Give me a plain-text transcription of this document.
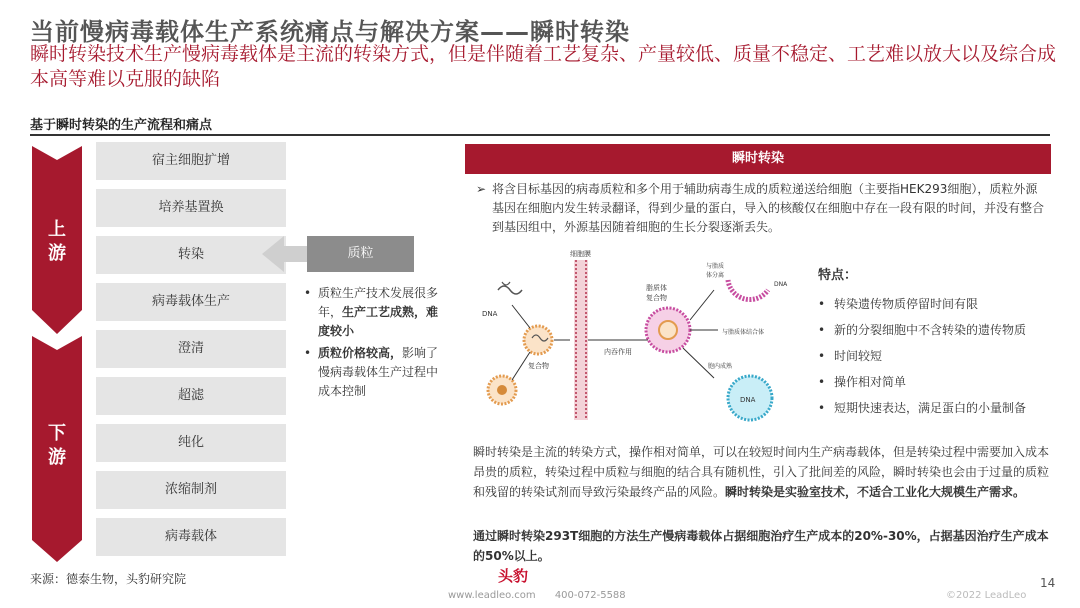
当前慢病毒载体生产系统痛点与解决方案——瞬时转染
瞬时转染技术生产慢病毒载体是主流的转染方式，但是伴随着工艺复杂、产量较低、质量不稳定、工艺难以放大以及综合成本高等难以克服的缺陷
基于瞬时转染的生产流程和痛点
上
游
下
游
宿主细胞扩增
培养基置换
转染
病毒载体生产
澄清
超滤
纯化
浓缩制剂
病毒载体
质粒
• 质粒生产技术发展很多年，生产工艺成熟，难度较小
• 质粒价格较高，影响了慢病毒载体生产过程中成本控制
瞬时转染
➢ 将含目标基因的病毒质粒和多个用于辅助病毒生成的质粒递送给细胞（主要指HEK293细胞），质粒外源基因在细胞内发生转录翻译，得到少量的蛋白，导入的核酸仅在细胞中存在一段有限的时间，并没有整合到基因组中，外源基因随着细胞的生长分裂逐渐丢失。
DNA
复合物
细胞膜
内吞作用
脂质体
复合物
与脂质体结合体
胞内成熟
与脂质
体分离
DNA
DNA
特点：
• 转染遗传物质停留时间有限
• 新的分裂细胞中不含转染的遗传物质
• 时间较短
• 操作相对简单
• 短期快速表达，满足蛋白的小量制备
瞬时转染是主流的转染方式，操作相对简单，可以在较短时间内生产病毒载体，但是转染过程中需要加入成本昂贵的质粒，转染过程中质粒与细胞的结合具有随机性，引入了批间差的风险，瞬时转染也会由于过量的质粒和残留的转染试剂而导致污染最终产品的风险。瞬时转染是实验室技术，不适合工业化大规模生产需求。
通过瞬时转染293T细胞的方法生产慢病毒载体占据细胞治疗生产成本的20%-30%，占据基因治疗生产成本的50%以上。
来源：德泰生物，头豹研究院	头豹
www.leadleo.com 400-072-5588	©2022 LeadLeo
14
